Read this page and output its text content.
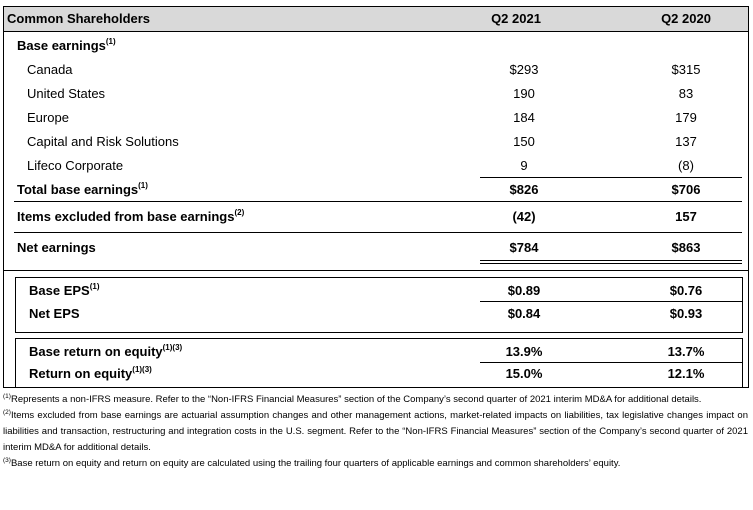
Common Shareholders	Q2 2021	Q2 2020
Base earnings$^{(1)}$
Canada	$293	$315
United States	190	83
Europe	184	179
Capital and Risk Solutions	150	137
Lifeco Corporate	9	(8)
Total base earnings$^{(1)}$	$826	$706
Items excluded from base earnings$^{(2)}$	(42)	157
Net earnings	$784	$863
Base EPS$^{(1)}$	$0.89	$0.76
Net EPS	$0.84	$0.93
Base return on equity$^{(1)(3)}$	13.9%	13.7%
Return on equity$^{(1)(3)}$	15.0%	12.1%

$^{(1)}$Represents a non-IFRS measure. Refer to the “Non-IFRS Financial Measures” section of the Company’s second quarter of 2021 interim MD&A for additional details.

$^{(2)}$Items excluded from base earnings are actuarial assumption changes and other management actions, market-related impacts on liabilities, tax legislative changes impact on liabilities and transaction, restructuring and integration costs in the U.S. segment. Refer to the “Non-IFRS Financial Measures” section of the Company’s second quarter of 2021 interim MD&A for additional details.

$^{(3)}$Base return on equity and return on equity are calculated using the trailing four quarters of applicable earnings and common shareholders’ equity.
